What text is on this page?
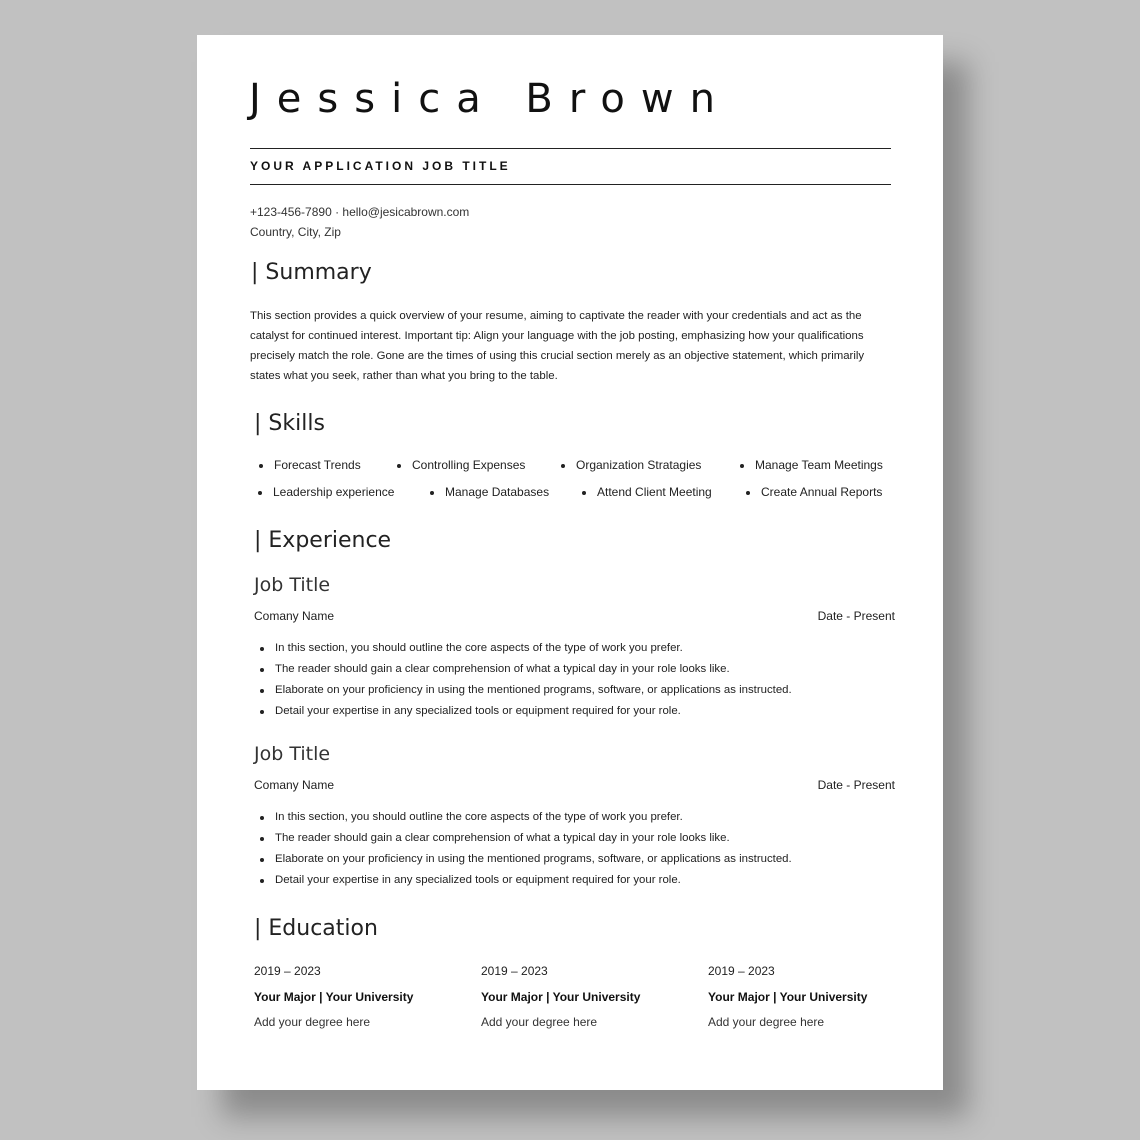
Jessica Brown
YOUR APPLICATION JOB TITLE
+123-456-7890 · hello@jesicabrown.com
Country, City, Zip
| Summary

This section provides a quick overview of your resume, aiming to captivate the reader with your credentials and act as the catalyst for continued interest. Important tip: Align your language with the job posting, emphasizing how your qualifications precisely match the role. Gone are the times of using this crucial section merely as an objective statement, which primarily states what you seek, rather than what you bring to the table.

| Skills
Forecast Trends	Controlling Expenses	Organization Stratagies	Manage Team Meetings
Leadership experience	Manage Databases	Attend Client Meeting	Create Annual Reports
| Experience
Job Title
Comany Name	Date - Present
In this section, you should outline the core aspects of the type of work you prefer.
The reader should gain a clear comprehension of what a typical day in your role looks like.
Elaborate on your proficiency in using the mentioned programs, software, or applications as instructed.
Detail your expertise in any specialized tools or equipment required for your role.
Job Title
Comany Name	Date - Present
In this section, you should outline the core aspects of the type of work you prefer.
The reader should gain a clear comprehension of what a typical day in your role looks like.
Elaborate on your proficiency in using the mentioned programs, software, or applications as instructed.
Detail your expertise in any specialized tools or equipment required for your role.
| Education
2019 – 2023
Your Major | Your University
Add your degree here
2019 – 2023
Your Major | Your University
Add your degree here
2019 – 2023
Your Major | Your University
Add your degree here
